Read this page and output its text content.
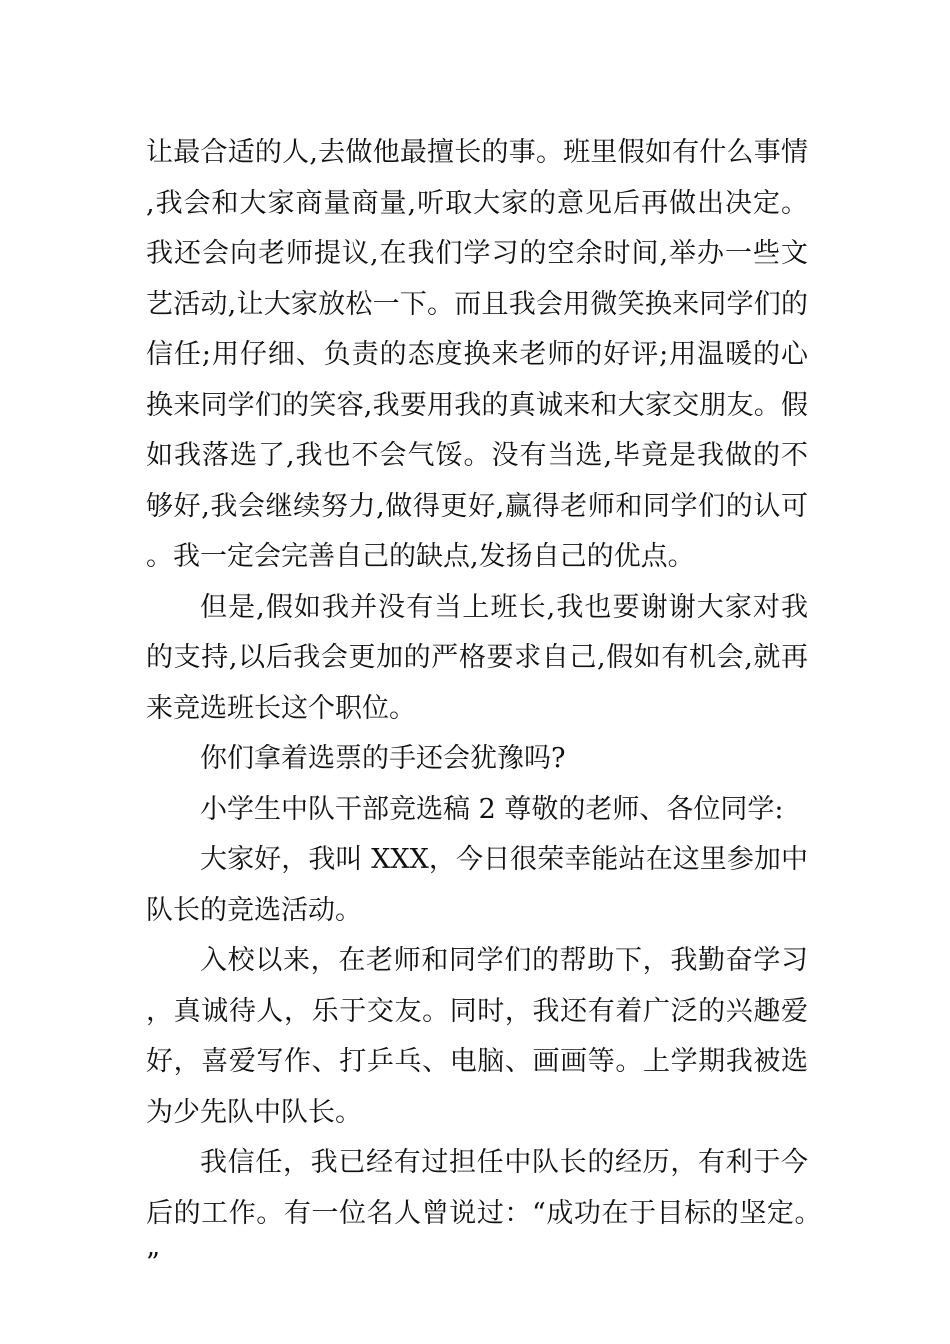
让最合适的人,去做他最擅长的事。班里假如有什么事情,我会和大家商量商量,听取大家的意见后再做出决定。我还会向老师提议,在我们学习的空余时间,举办一些文艺活动,让大家放松一下。而且我会用微笑换来同学们的信任;用仔细、负责的态度换来老师的好评;用温暖的心换来同学们的笑容,我要用我的真诚来和大家交朋友。假如我落选了,我也不会气馁。没有当选,毕竟是我做的不够好,我会继续努力,做得更好,赢得老师和同学们的认可。我一定会完善自己的缺点,发扬自己的优点。

但是,假如我并没有当上班长,我也要谢谢大家对我的支持,以后我会更加的严格要求自己,假如有机会,就再来竞选班长这个职位。

你们拿着选票的手还会犹豫吗?

小学生中队干部竞选稿 2 尊敬的老师、各位同学:

大家好，我叫 XXX，今日很荣幸能站在这里参加中队长的竞选活动。

入校以来，在老师和同学们的帮助下，我勤奋学习，真诚待人，乐于交友。同时，我还有着广泛的兴趣爱好，喜爱写作、打乒乓、电脑、画画等。上学期我被选为少先队中队长。

我信任，我已经有过担任中队长的经历，有利于今后的工作。有一位名人曾说过：“成功在于目标的坚定。”
